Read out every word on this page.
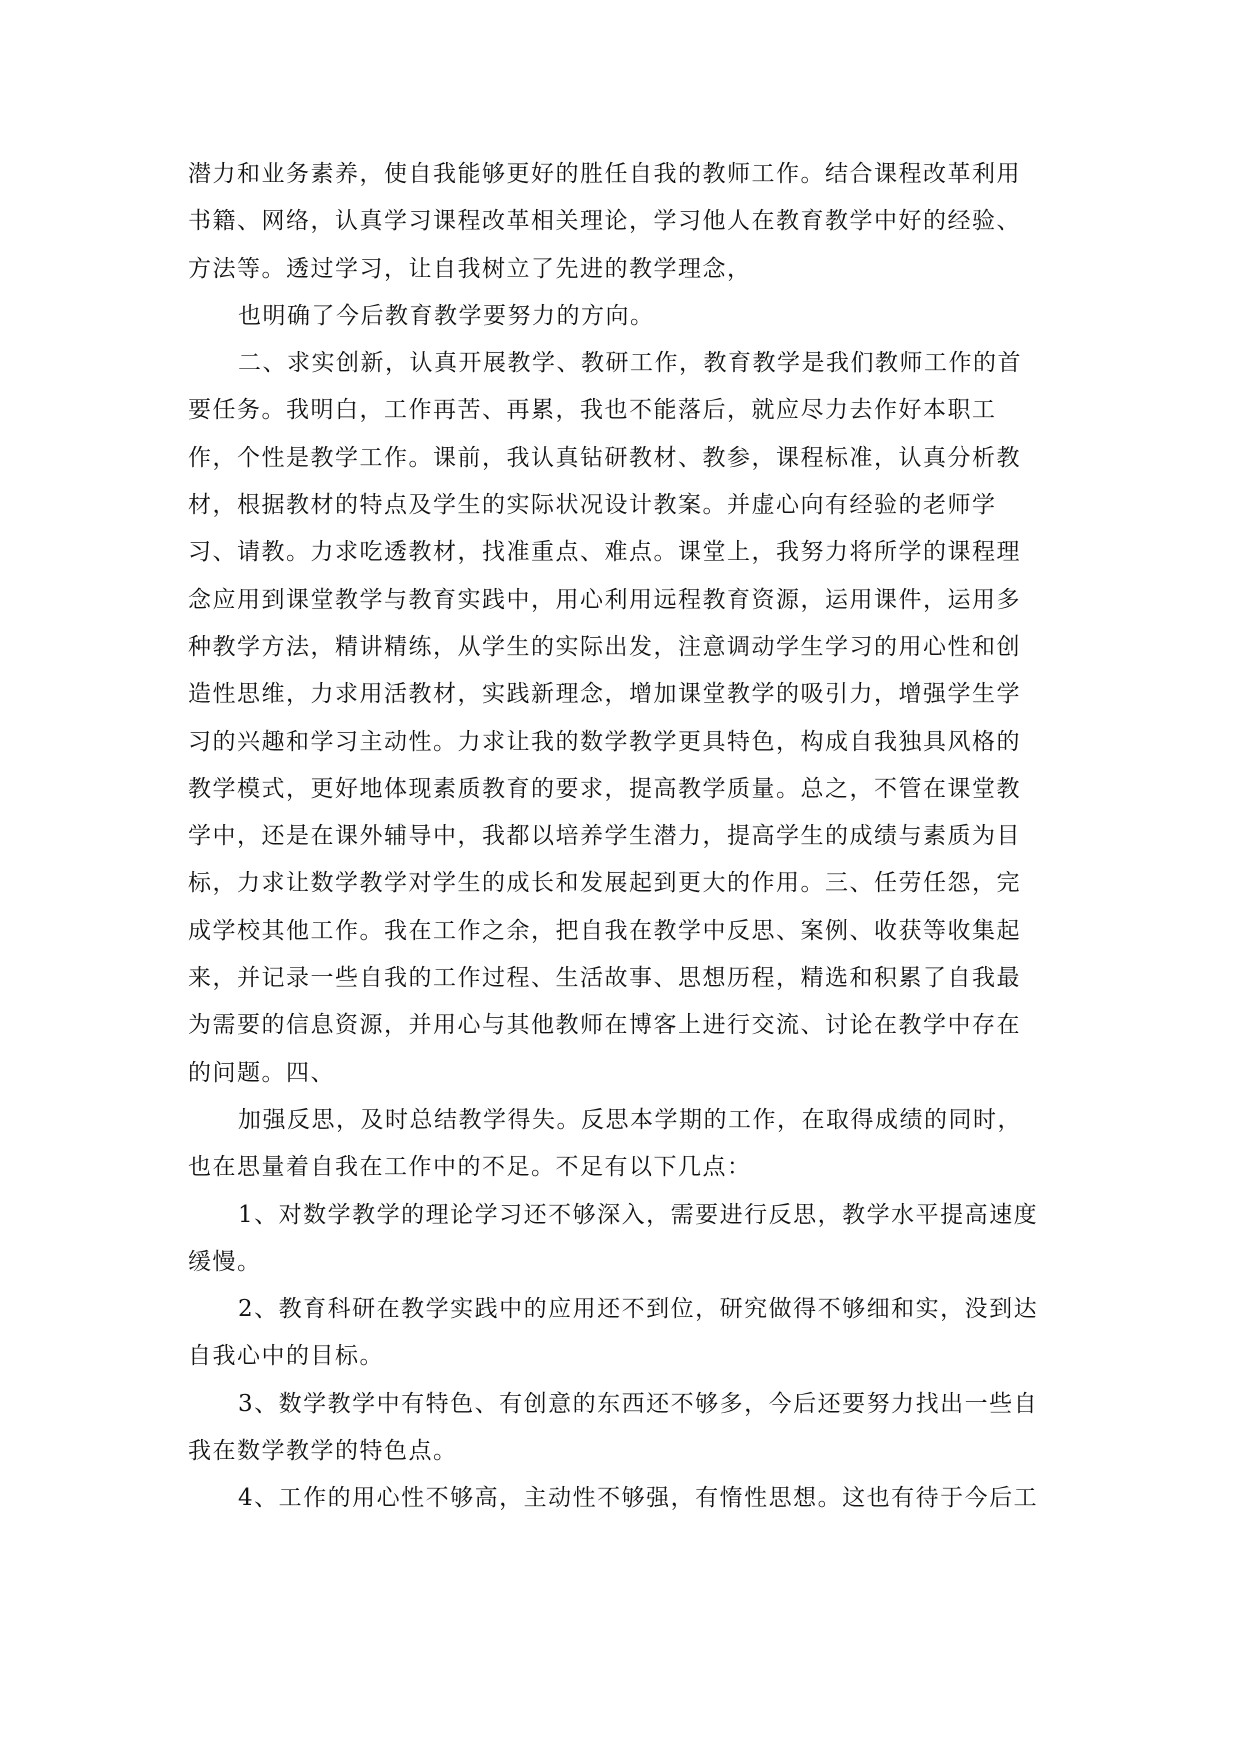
潜力和业务素养，使自我能够更好的胜任自我的教师工作。结合课程改革利用
书籍、网络，认真学习课程改革相关理论，学习他人在教育教学中好的经验、
方法等。透过学习，让自我树立了先进的教学理念，
也明确了今后教育教学要努力的方向。
二、求实创新，认真开展教学、教研工作，教育教学是我们教师工作的首
要任务。我明白，工作再苦、再累，我也不能落后，就应尽力去作好本职工
作，个性是教学工作。课前，我认真钻研教材、教参，课程标准，认真分析教
材，根据教材的特点及学生的实际状况设计教案。并虚心向有经验的老师学
习、请教。力求吃透教材，找准重点、难点。课堂上，我努力将所学的课程理
念应用到课堂教学与教育实践中，用心利用远程教育资源，运用课件，运用多
种教学方法，精讲精练，从学生的实际出发，注意调动学生学习的用心性和创
造性思维，力求用活教材，实践新理念，增加课堂教学的吸引力，增强学生学
习的兴趣和学习主动性。力求让我的数学教学更具特色，构成自我独具风格的
教学模式，更好地体现素质教育的要求，提高教学质量。总之，不管在课堂教
学中，还是在课外辅导中，我都以培养学生潜力，提高学生的成绩与素质为目
标，力求让数学教学对学生的成长和发展起到更大的作用。三、任劳任怨，完
成学校其他工作。我在工作之余，把自我在教学中反思、案例、收获等收集起
来，并记录一些自我的工作过程、生活故事、思想历程，精选和积累了自我最
为需要的信息资源，并用心与其他教师在博客上进行交流、讨论在教学中存在
的问题。四、
加强反思，及时总结教学得失。反思本学期的工作，在取得成绩的同时，
也在思量着自我在工作中的不足。不足有以下几点：
1、对数学教学的理论学习还不够深入，需要进行反思，教学水平提高速度
缓慢。
2、教育科研在教学实践中的应用还不到位，研究做得不够细和实，没到达
自我心中的目标。
3、数学教学中有特色、有创意的东西还不够多，今后还要努力找出一些自
我在数学教学的特色点。
4、工作的用心性不够高，主动性不够强，有惰性思想。这也有待于今后工
